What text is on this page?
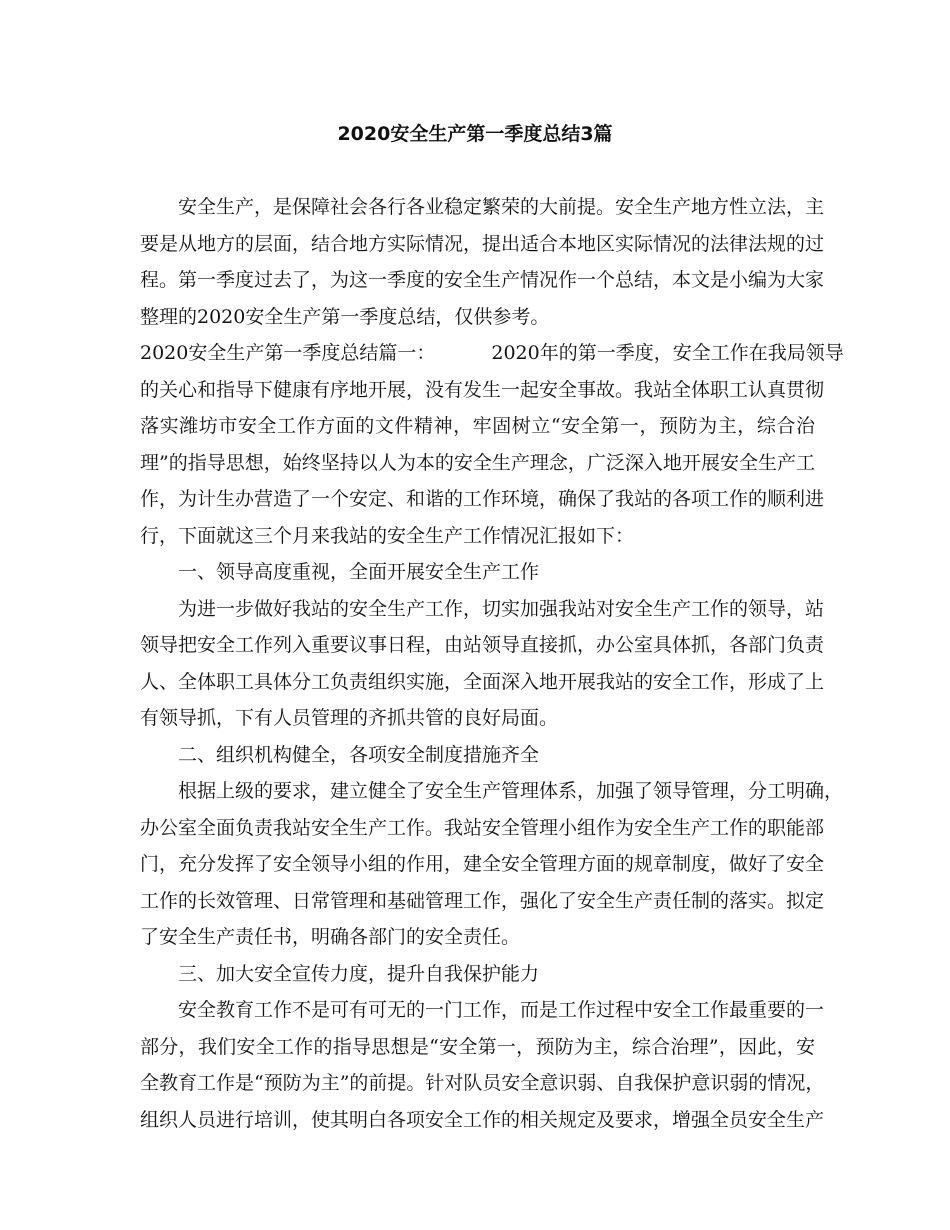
2020安全生产第一季度总结3篇
安全生产，是保障社会各行各业稳定繁荣的大前提。安全生产地方性立法，主
要是从地方的层面，结合地方实际情况，提出适合本地区实际情况的法律法规的过
程。第一季度过去了，为这一季度的安全生产情况作一个总结，本文是小编为大家
整理的2020安全生产第一季度总结，仅供参考。
2020安全生产第一季度总结篇一：	2020年的第一季度，安全工作在我局领导
的关心和指导下健康有序地开展，没有发生一起安全事故。我站全体职工认真贯彻
落实潍坊市安全工作方面的文件精神，牢固树立“安全第一，预防为主，综合治
理”的指导思想，始终坚持以人为本的安全生产理念，广泛深入地开展安全生产工
作，为计生办营造了一个安定、和谐的工作环境，确保了我站的各项工作的顺利进
行，下面就这三个月来我站的安全生产工作情况汇报如下：
一、领导高度重视，全面开展安全生产工作
为进一步做好我站的安全生产工作，切实加强我站对安全生产工作的领导，站
领导把安全工作列入重要议事日程，由站领导直接抓，办公室具体抓，各部门负责
人、全体职工具体分工负责组织实施，全面深入地开展我站的安全工作，形成了上
有领导抓，下有人员管理的齐抓共管的良好局面。
二、组织机构健全，各项安全制度措施齐全
根据上级的要求，建立健全了安全生产管理体系，加强了领导管理，分工明确，
办公室全面负责我站安全生产工作。我站安全管理小组作为安全生产工作的职能部
门，充分发挥了安全领导小组的作用，建全安全管理方面的规章制度，做好了安全
工作的长效管理、日常管理和基础管理工作，强化了安全生产责任制的落实。拟定
了安全生产责任书，明确各部门的安全责任。
三、加大安全宣传力度，提升自我保护能力
安全教育工作不是可有可无的一门工作，而是工作过程中安全工作最重要的一
部分，我们安全工作的指导思想是“安全第一，预防为主，综合治理”，因此，安
全教育工作是“预防为主”的前提。针对队员安全意识弱、自我保护意识弱的情况，
组织人员进行培训，使其明白各项安全工作的相关规定及要求，增强全员安全生产
